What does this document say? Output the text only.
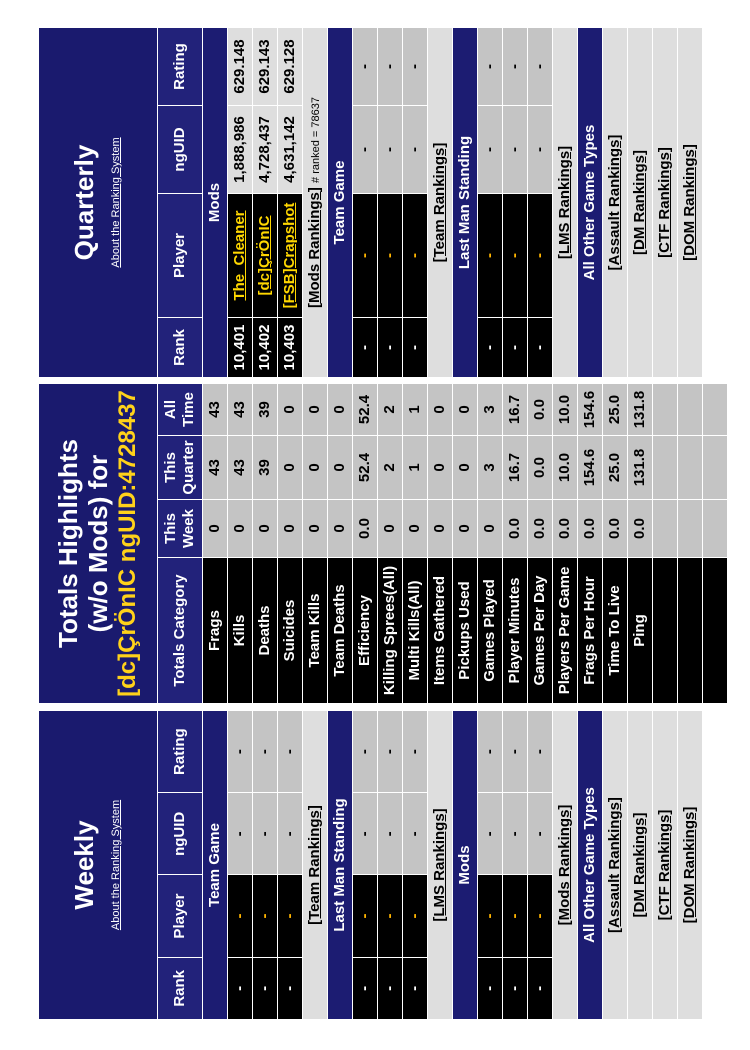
Weekly About the Ranking System			

Rank	Player	ngUID	Rating
Team Game			
-	-	-	-
-	-	-	-
-	-	-	-
[Team Rankings]			
Last Man Standing			
-	-	-	-
-	-	-	-
-	-	-	-
[LMS Rankings]			
Mods			
-	-	-	-
-	-	-	-
-	-	-	-
[Mods Rankings]			
All Other Game Types			
[Assault Rankings]			
[DM Rankings]			
[CTF Rankings]			
[DOM Rankings]			
Totals Highlights (w/o Mods) for [dc]ÇrÖnIC ngUID:4728437			

Totals Category	This Week	This Quarter	All Time
Frags	0	43	43
Kills	0	43	43
Deaths	0	39	39
Suicides	0	0	0
Team Kills	0	0	0
Team Deaths	0	0	0
Efficiency	0.0	52.4	52.4
Killing Sprees(All)	0	2	2
Multi Kills(All)	0	1	1
Items Gathered	0	0	0
Pickups Used	0	0	0
Games Played	0	3	3
Player Minutes	0.0	16.7	16.7
Games Per Day	0.0	0.0	0.0
Players Per Game	0.0	10.0	10.0
Frags Per Hour	0.0	154.6	154.6
Time To Live	0.0	25.0	25.0
Ping	0.0	131.8	131.8

Quarterly About the Ranking System			

Rank	Player	ngUID	Rating
Mods			
10,401	The_Cleaner	1,888,986	629.148
10,402	[dc]ÇrÖnIC	4,728,437	629.143
10,403	[FSB]Crapshot	4,631,142	629.128
[Mods Rankings] # ranked = 78637			
Team Game			
-	-	-	-
-	-	-	-
-	-	-	-
[Team Rankings]			
Last Man Standing			
-	-	-	-
-	-	-	-
-	-	-	-
[LMS Rankings]			
All Other Game Types			
[Assault Rankings]			
[DM Rankings]			
[CTF Rankings]			
[DOM Rankings]			
